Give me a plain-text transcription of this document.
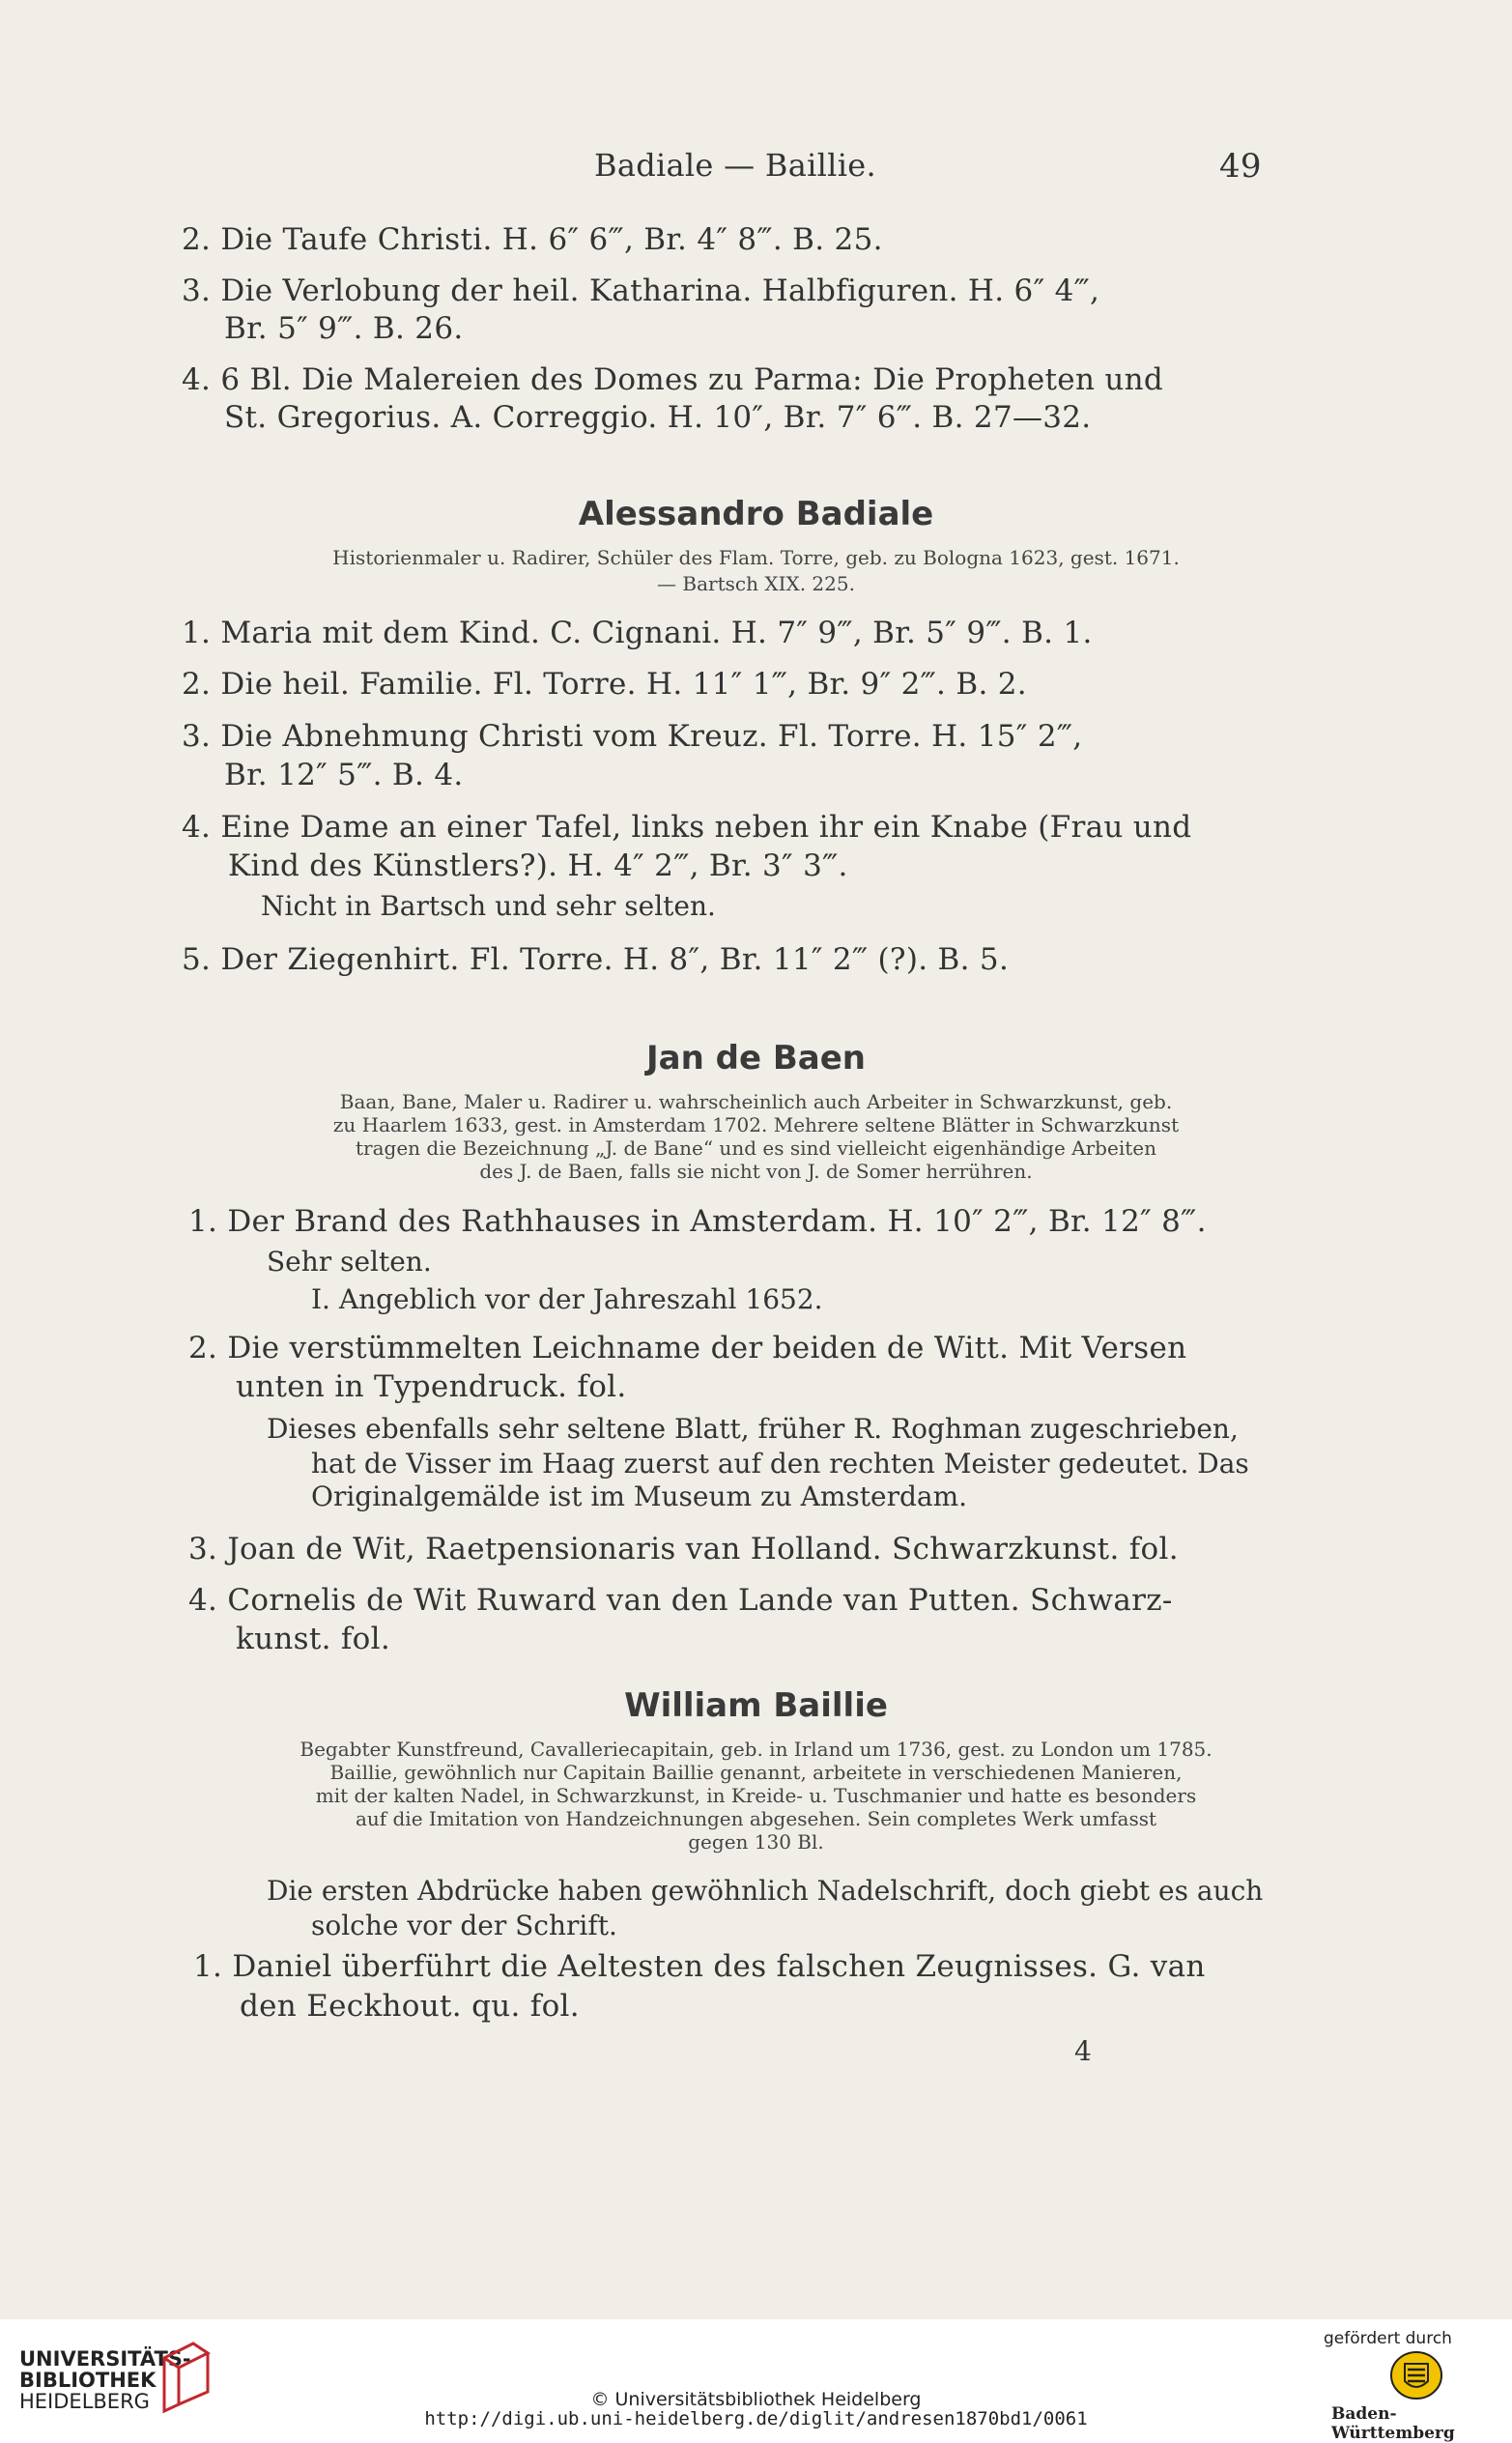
Badiale — Baillie.	49
2. Die Taufe Christi. H. 6″ 6‴, Br. 4″ 8‴. B. 25.
3. Die Verlobung der heil. Katharina. Halbfiguren. H. 6″ 4‴,
Br. 5″ 9‴. B. 26.
4. 6 Bl. Die Malereien des Domes zu Parma: Die Propheten und
St. Gregorius. A. Correggio. H. 10″, Br. 7″ 6‴. B. 27—32.
Alessandro Badiale
Historienmaler u. Radirer, Schüler des Flam. Torre, geb. zu Bologna 1623, gest. 1671.
— Bartsch XIX. 225.
1. Maria mit dem Kind. C. Cignani. H. 7″ 9‴, Br. 5″ 9‴. B. 1.
2. Die heil. Familie. Fl. Torre. H. 11″ 1‴, Br. 9″ 2‴. B. 2.
3. Die Abnehmung Christi vom Kreuz. Fl. Torre. H. 15″ 2‴,
Br. 12″ 5‴. B. 4.
4. Eine Dame an einer Tafel, links neben ihr ein Knabe (Frau und
Kind des Künstlers?). H. 4″ 2‴, Br. 3″ 3‴.
Nicht in Bartsch und sehr selten.
5. Der Ziegenhirt. Fl. Torre. H. 8″, Br. 11″ 2‴ (?). B. 5.
Jan de Baen
Baan, Bane, Maler u. Radirer u. wahrscheinlich auch Arbeiter in Schwarzkunst, geb.
zu Haarlem 1633, gest. in Amsterdam 1702. Mehrere seltene Blätter in Schwarzkunst
tragen die Bezeichnung „J. de Bane“ und es sind vielleicht eigenhändige Arbeiten
des J. de Baen, falls sie nicht von J. de Somer herrühren.
1. Der Brand des Rathhauses in Amsterdam. H. 10″ 2‴, Br. 12″ 8‴.
Sehr selten.
I. Angeblich vor der Jahreszahl 1652.
2. Die verstümmelten Leichname der beiden de Witt. Mit Versen
unten in Typendruck. fol.
Dieses ebenfalls sehr seltene Blatt, früher R. Roghman zugeschrieben,
hat de Visser im Haag zuerst auf den rechten Meister gedeutet. Das
Originalgemälde ist im Museum zu Amsterdam.
3. Joan de Wit, Raetpensionaris van Holland. Schwarzkunst. fol.
4. Cornelis de Wit Ruward van den Lande van Putten. Schwarz-
kunst. fol.
William Baillie
Begabter Kunstfreund, Cavalleriecapitain, geb. in Irland um 1736, gest. zu London um 1785.
Baillie, gewöhnlich nur Capitain Baillie genannt, arbeitete in verschiedenen Manieren,
mit der kalten Nadel, in Schwarzkunst, in Kreide- u. Tuschmanier und hatte es besonders
auf die Imitation von Handzeichnungen abgesehen. Sein completes Werk umfasst
gegen 130 Bl.
Die ersten Abdrücke haben gewöhnlich Nadelschrift, doch giebt es auch
solche vor der Schrift.
1. Daniel überführt die Aeltesten des falschen Zeugnisses. G. van
den Eeckhout. qu. fol.
4
UNIVERSITÄTS-
BIBLIOTHEK
HEIDELBERG	© Universitätsbibliothek Heidelberg
http://digi.ub.uni-heidelberg.de/diglit/andresen1870bd1/0061
gefördert durch
Baden-Württemberg
